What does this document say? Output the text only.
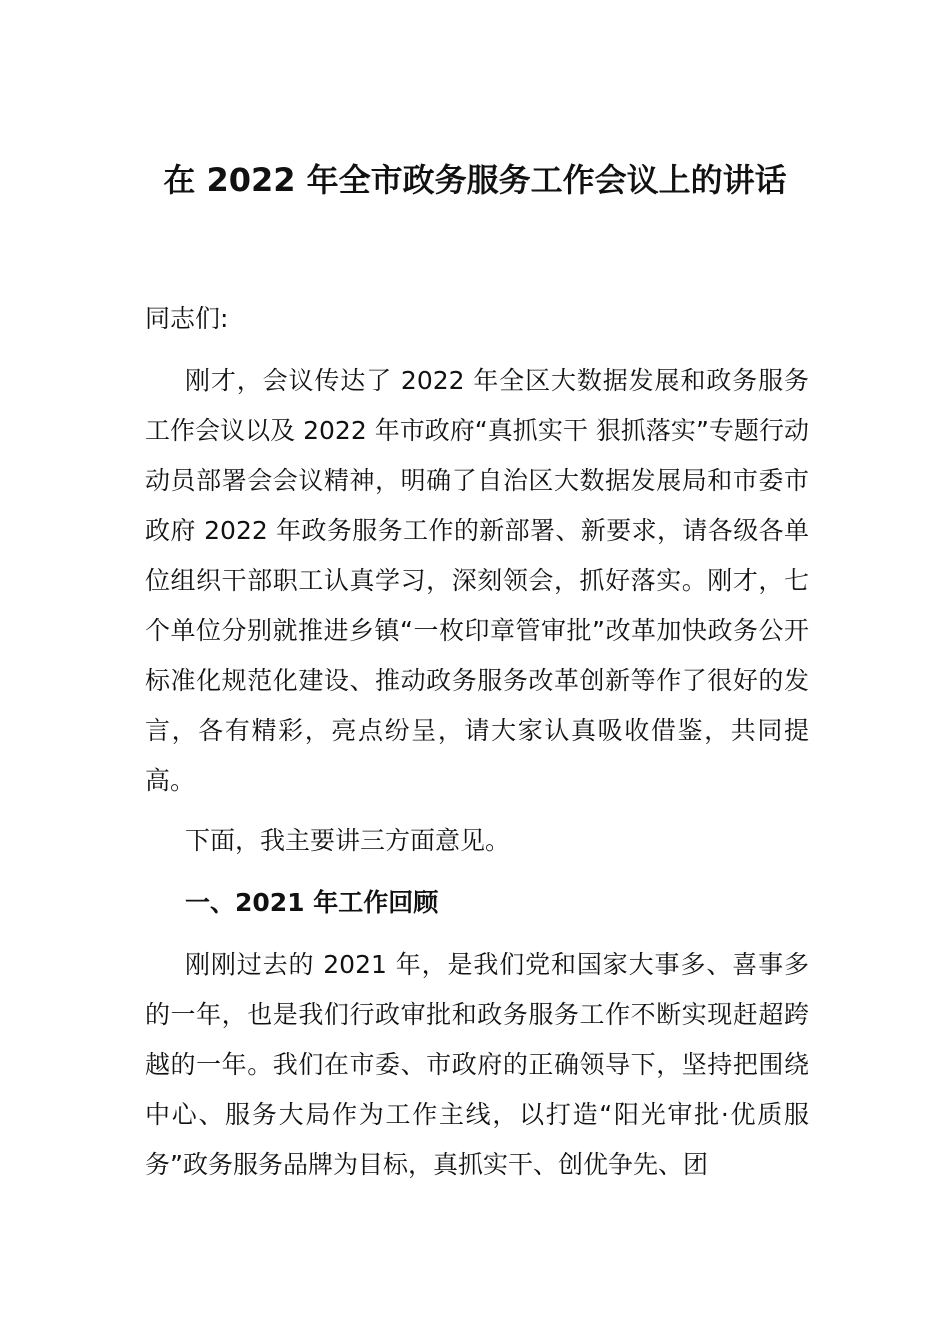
在 2022 年全市政务服务工作会议上的讲话
同志们:

刚才，会议传达了 2022 年全区大数据发展和政务服务工作会议以及 2022 年市政府“真抓实干 狠抓落实”专题行动动员部署会会议精神，明确了自治区大数据发展局和市委市政府 2022 年政务服务工作的新部署、新要求，请各级各单位组织干部职工认真学习，深刻领会，抓好落实。刚才，七个单位分别就推进乡镇“一枚印章管审批”改革加快政务公开标准化规范化建设、推动政务服务改革创新等作了很好的发言，各有精彩，亮点纷呈，请大家认真吸收借鉴，共同提高。

下面，我主要讲三方面意见。

一、2021 年工作回顾

刚刚过去的 2021 年，是我们党和国家大事多、喜事多的一年，也是我们行政审批和政务服务工作不断实现赶超跨越的一年。我们在市委、市政府的正确领导下，坚持把围绕中心、服务大局作为工作主线，以打造“阳光审批·优质服务”政务服务品牌为目标，真抓实干、创优争先、团
